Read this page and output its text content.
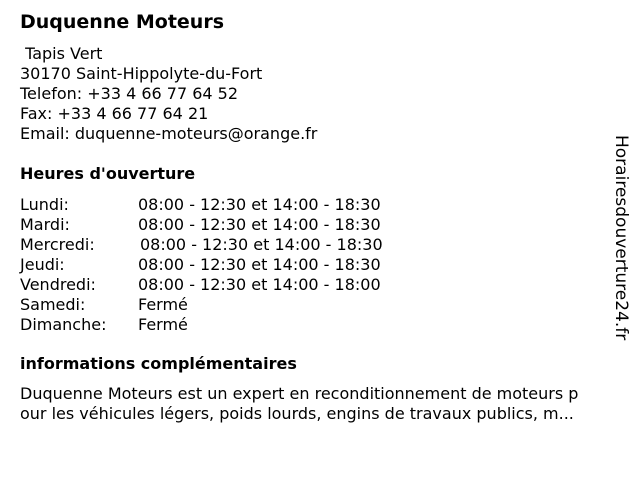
Duquenne Moteurs
Tapis Vert
30170 Saint-Hippolyte-du-Fort
Telefon: +33 4 66 77 64 52
Fax: +33 4 66 77 64 21
Email: duquenne-moteurs@orange.fr
Heures d'ouverture
Lundi:	08:00 - 12:30 et 14:00 - 18:30
Mardi:	08:00 - 12:30 et 14:00 - 18:30
Mercredi:	08:00 - 12:30 et 14:00 - 18:30
Jeudi:	08:00 - 12:30 et 14:00 - 18:30
Vendredi:	08:00 - 12:30 et 14:00 - 18:00
Samedi:	Fermé
Dimanche:	Fermé
informations complémentaires
Duquenne Moteurs est un expert en reconditionnement de moteurs p
our les véhicules légers, poids lourds, engins de travaux publics, m...
Horairesdouverture24.fr
